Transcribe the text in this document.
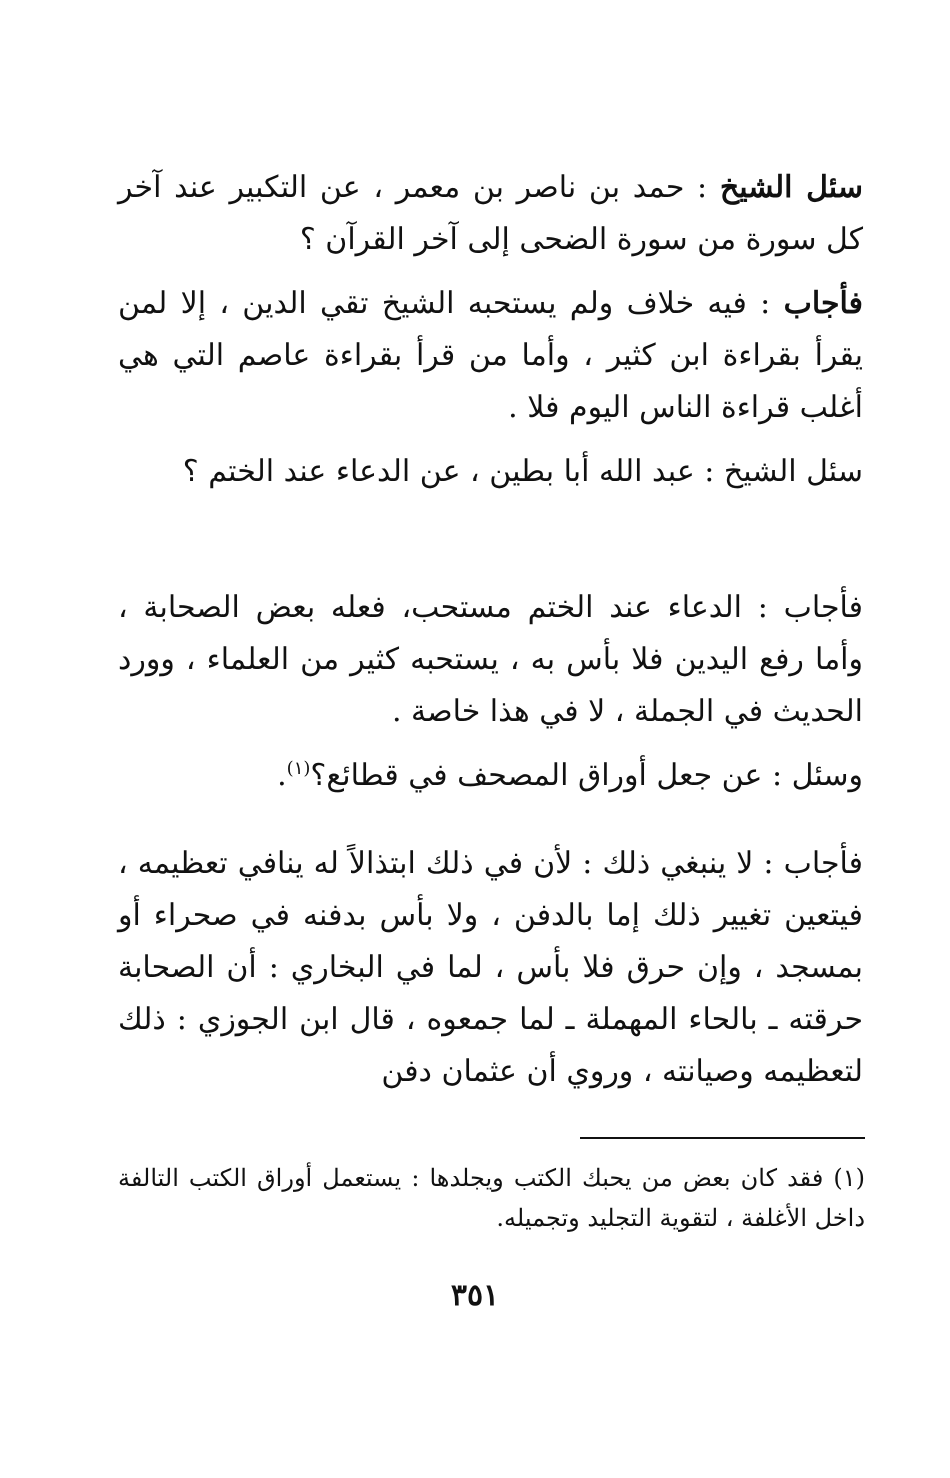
سئل الشيخ : حمد بن ناصر بن معمر ، عن التكبير عند آخر كل سورة من سورة الضحى إلى آخر القرآن ؟

فأجاب : فيه خلاف ولم يستحبه الشيخ تقي الدين ، إلا لمن يقرأ بقراءة ابن كثير ، وأما من قرأ بقراءة عاصم التي هي أغلب قراءة الناس اليوم فلا .

سئل الشيخ : عبد الله أبا بطين ، عن الدعاء عند الختم ؟

فأجاب : الدعاء عند الختم مستحب، فعله بعض الصحابة ، وأما رفع اليدين فلا بأس به ، يستحبه كثير من العلماء ، وورد الحديث في الجملة ، لا في هذا خاصة .

وسئل : عن جعل أوراق المصحف في قطائع؟$^{(١)}$.

فأجاب : لا ينبغي ذلك : لأن في ذلك ابتذالاً له ينافي تعظيمه ، فيتعين تغيير ذلك إما بالدفن ، ولا بأس بدفنه في صحراء أو بمسجد ، وإن حرق فلا بأس ، لما في البخاري : أن الصحابة حرقته ـ بالحاء المهملة ـ لما جمعوه ، قال ابن الجوزي : ذلك لتعظيمه وصيانته ، وروي أن عثمان دفن

(١) فقد كان بعض من يحبك الكتب ويجلدها : يستعمل أوراق الكتب التالفة داخل الأغلفة ، لتقوية التجليد وتجميله.

٣٥١
